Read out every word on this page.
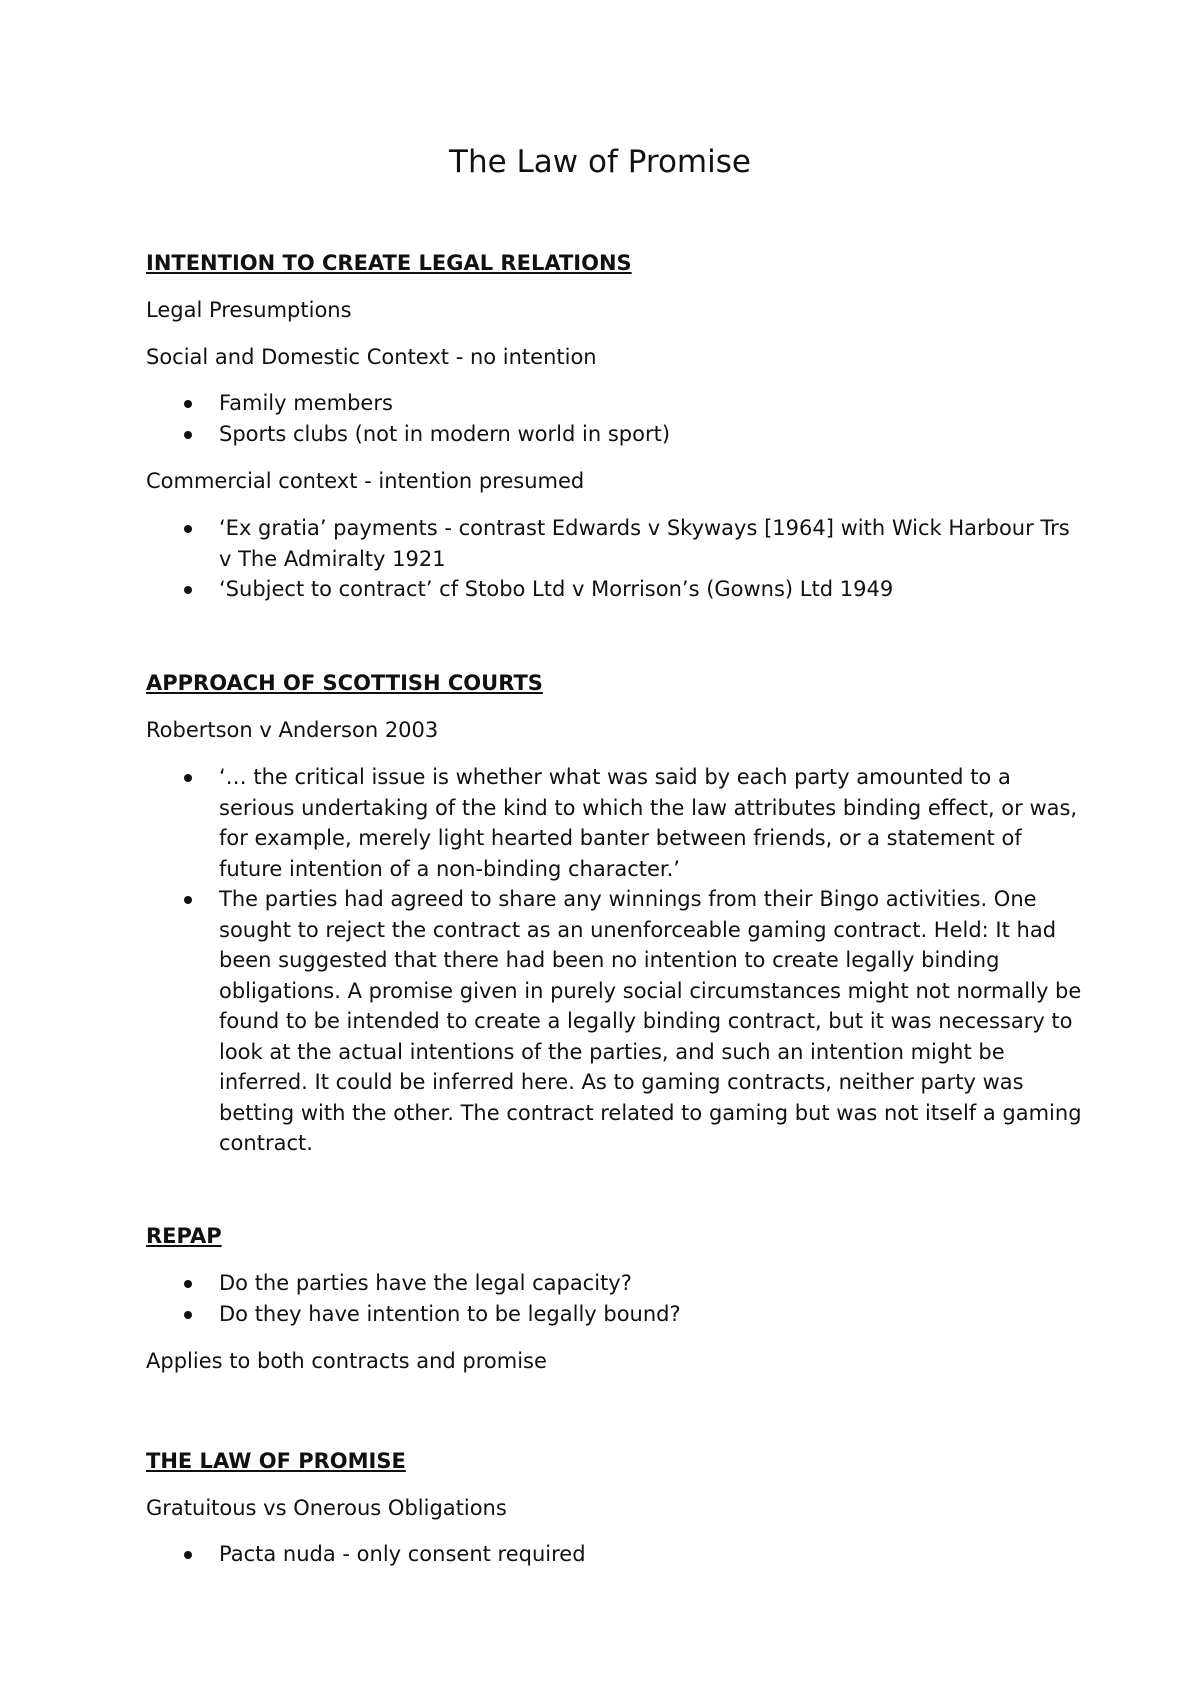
The Law of Promise

INTENTION TO CREATE LEGAL RELATIONS

Legal Presumptions

Social and Domestic Context - no intention

Family members
Sports clubs (not in modern world in sport)

Commercial context - intention presumed

‘Ex gratia’ payments - contrast Edwards v Skyways [1964] with Wick Harbour Trs v The Admiralty 1921
‘Subject to contract’ cf Stobo Ltd v Morrison’s (Gowns) Ltd 1949

APPROACH OF SCOTTISH COURTS

Robertson v Anderson 2003

‘… the critical issue is whether what was said by each party amounted to a serious undertaking of the kind to which the law attributes binding effect, or was, for example, merely light hearted banter between friends, or a statement of future intention of a non-binding character.’
The parties had agreed to share any winnings from their Bingo activities. One sought to reject the contract as an unenforceable gaming contract. Held: It had been suggested that there had been no intention to create legally binding obligations. A promise given in purely social circumstances might not normally be found to be intended to create a legally binding contract, but it was necessary to look at the actual intentions of the parties, and such an intention might be inferred. It could be inferred here. As to gaming contracts, neither party was betting with the other. The contract related to gaming but was not itself a gaming contract.

REPAP

Do the parties have the legal capacity?
Do they have intention to be legally bound?

Applies to both contracts and promise

THE LAW OF PROMISE

Gratuitous vs Onerous Obligations

Pacta nuda - only consent required
